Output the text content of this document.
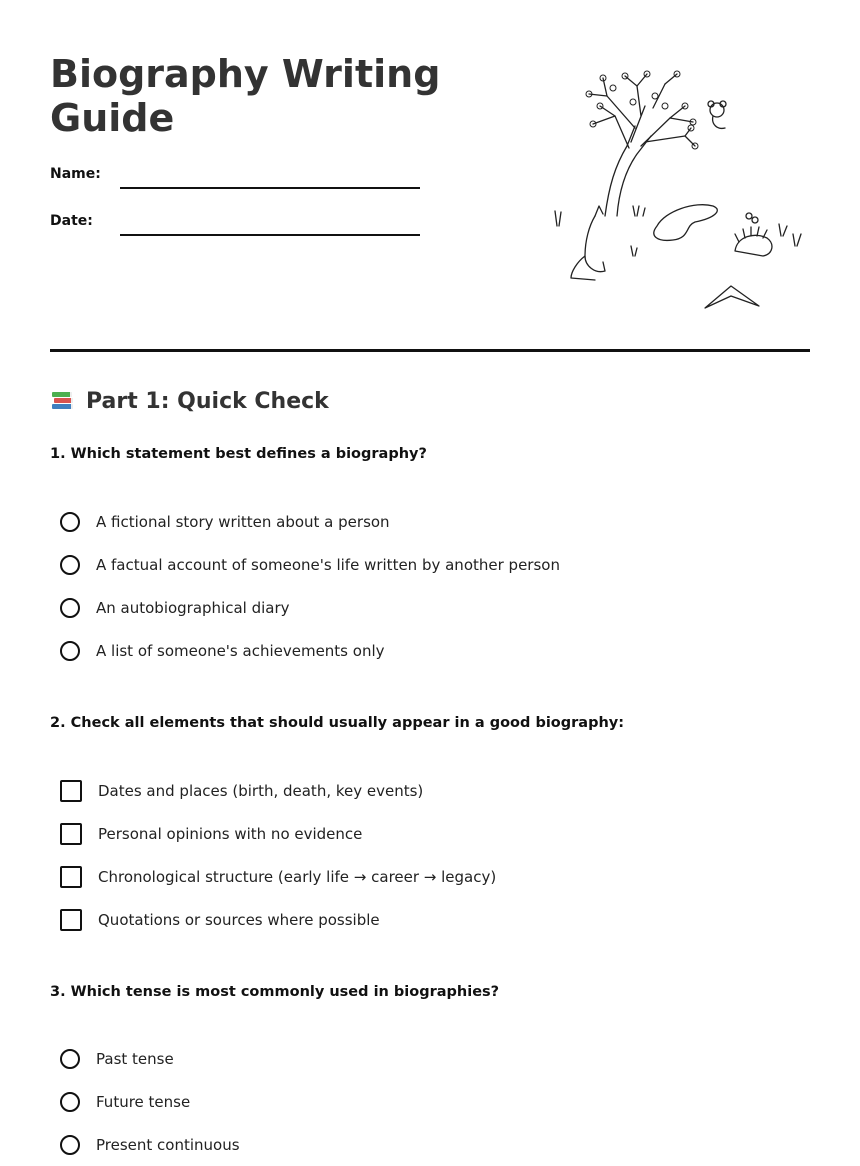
Biography Writing
Guide
Name:
Date:
Part 1: Quick Check
1. Which statement best defines a biography?
A fictional story written about a person
A factual account of someone's life written by another person
An autobiographical diary
A list of someone's achievements only
2. Check all elements that should usually appear in a good biography:
Dates and places (birth, death, key events)
Personal opinions with no evidence
Chronological structure (early life → career → legacy)
Quotations or sources where possible
3. Which tense is most commonly used in biographies?
Past tense
Future tense
Present continuous
